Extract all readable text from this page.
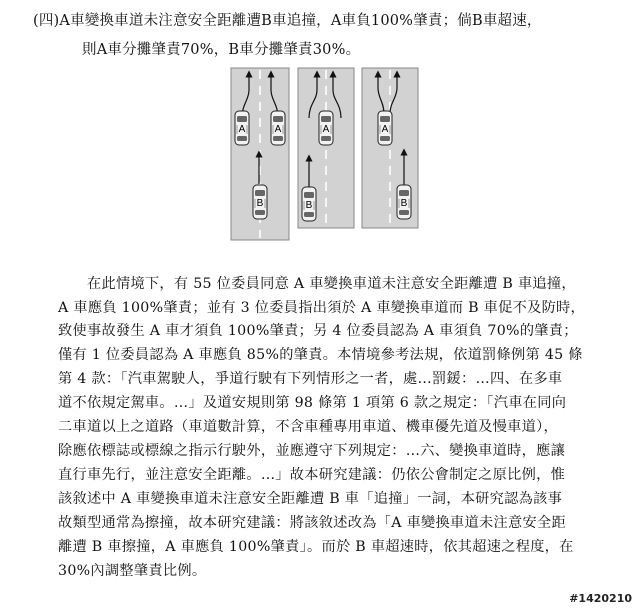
(四)A車變換車道未注意安全距離遭B車追撞，A車負100%肇責；倘B車超速，
則A車分攤肇責70%，B車分攤肇責30%。
A	A
B
A
B
A
B
　　在此情境下，有 55 位委員同意 A 車變換車道未注意安全距離遭 B 車追撞，
A 車應負 100%肇責；並有 3 位委員指出須於 A 車變換車道而 B 車促不及防時，
致使事故發生 A 車才須負 100%肇責；另 4 位委員認為 A 車須負 70%的肇責；
僅有 1 位委員認為 A 車應負 85%的肇責。本情境參考法規，依道罰條例第 45 條
第 4 款：「汽車駕駛人，爭道行駛有下列情形之一者，處…罰鍰：…四、在多車
道不依規定駕車。…」及道安規則第 98 條第 1 項第 6 款之規定：「汽車在同向
二車道以上之道路（車道數計算，不含車種專用車道、機車優先道及慢車道），
除應依標誌或標線之指示行駛外，並應遵守下列規定：…六、變換車道時，應讓
直行車先行，並注意安全距離。…」故本研究建議：仍依公會制定之原比例，惟
該敘述中 A 車變換車道未注意安全距離遭 B 車「追撞」一詞，本研究認為該事
故類型通常為擦撞，故本研究建議：將該敘述改為「A 車變換車道未注意安全距
離遭 B 車擦撞，A 車應負 100%肇責」。而於 B 車超速時，依其超速之程度，在
30%內調整肇責比例。
#1420210
